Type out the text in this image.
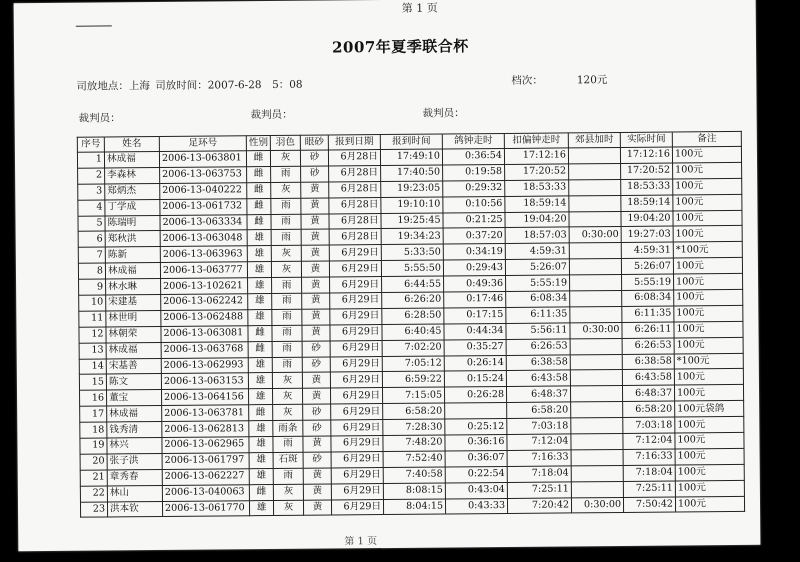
第 1 页
2007年夏季联合杯
司放地点：上海 司放时间：2007-6-28　5：08	档次：	120元
裁判员：	裁判员：	裁判员：
序号	姓名	足环号	性别	羽色	眼砂	报到日期	报到时间	鸽钟走时	扣偏钟走时	郊县加时	实际时间	备注
1	林成福	2006-13-063801	雌	灰	砂	6月28日	17:49:10	0:36:54	17:12:16		17:12:16	100元
2	李森林	2006-13-063753	雌	雨	砂	6月28日	17:40:50	0:19:58	17:20:52		17:20:52	100元
3	郑炳杰	2006-13-040222	雌	灰	黄	6月28日	19:23:05	0:29:32	18:53:33		18:53:33	100元
4	丁学成	2006-13-061732	雌	雨	黄	6月28日	19:10:10	0:10:56	18:59:14		18:59:14	100元
5	陈瑞明	2006-13-063334	雌	雨	黄	6月28日	19:25:45	0:21:25	19:04:20		19:04:20	100元
6	郑秋洪	2006-13-063048	雄	雨	黄	6月28日	19:34:23	0:37:20	18:57:03	0:30:00	19:27:03	100元
7	陈新	2006-13-063963	雄	灰	黄	6月29日	5:33:50	0:34:19	4:59:31		4:59:31	*100元
8	林成福	2006-13-063777	雄	灰	黄	6月29日	5:55:50	0:29:43	5:26:07		5:26:07	100元
9	林水琳	2006-13-102621	雄	雨	黄	6月29日	6:44:55	0:49:36	5:55:19		5:55:19	100元
10	宋建基	2006-13-062242	雄	雨	黄	6月29日	6:26:20	0:17:46	6:08:34		6:08:34	100元
11	林世明	2006-13-062488	雄	雨	黄	6月29日	6:28:50	0:17:15	6:11:35		6:11:35	100元
12	林朝荣	2006-13-063081	雌	雨	黄	6月29日	6:40:45	0:44:34	5:56:11	0:30:00	6:26:11	100元
13	林成福	2006-13-063768	雌	雨	砂	6月29日	7:02:20	0:35:27	6:26:53		6:26:53	100元
14	宋基善	2006-13-062993	雄	雨	砂	6月29日	7:05:12	0:26:14	6:38:58		6:38:58	*100元
15	陈文	2006-13-063153	雄	灰	黄	6月29日	6:59:22	0:15:24	6:43:58		6:43:58	100元
16	董宝	2006-13-064156	雄	灰	黄	6月29日	7:15:05	0:26:28	6:48:37		6:48:37	100元
17	林成福	2006-13-063781	雌	灰	砂	6月29日	6:58:20		6:58:20		6:58:20	100元袋鸽
18	钱秀清	2006-13-062813	雄	雨条	砂	6月29日	7:28:30	0:25:12	7:03:18		7:03:18	100元
19	林兴	2006-13-062965	雄	雨	黄	6月29日	7:48:20	0:36:16	7:12:04		7:12:04	100元
20	张子洪	2006-13-061797	雄	石斑	砂	6月29日	7:52:40	0:36:07	7:16:33		7:16:33	100元
21	章秀春	2006-13-062227	雄	雨	黄	6月29日	7:40:58	0:22:54	7:18:04		7:18:04	100元
22	林山	2006-13-040063	雌	灰	黄	6月29日	8:08:15	0:43:04	7:25:11		7:25:11	100元
23	洪本钦	2006-13-061770	雄	灰	黄	6月29日	8:04:15	0:43:33	7:20:42	0:30:00	7:50:42	100元
第 1 页
